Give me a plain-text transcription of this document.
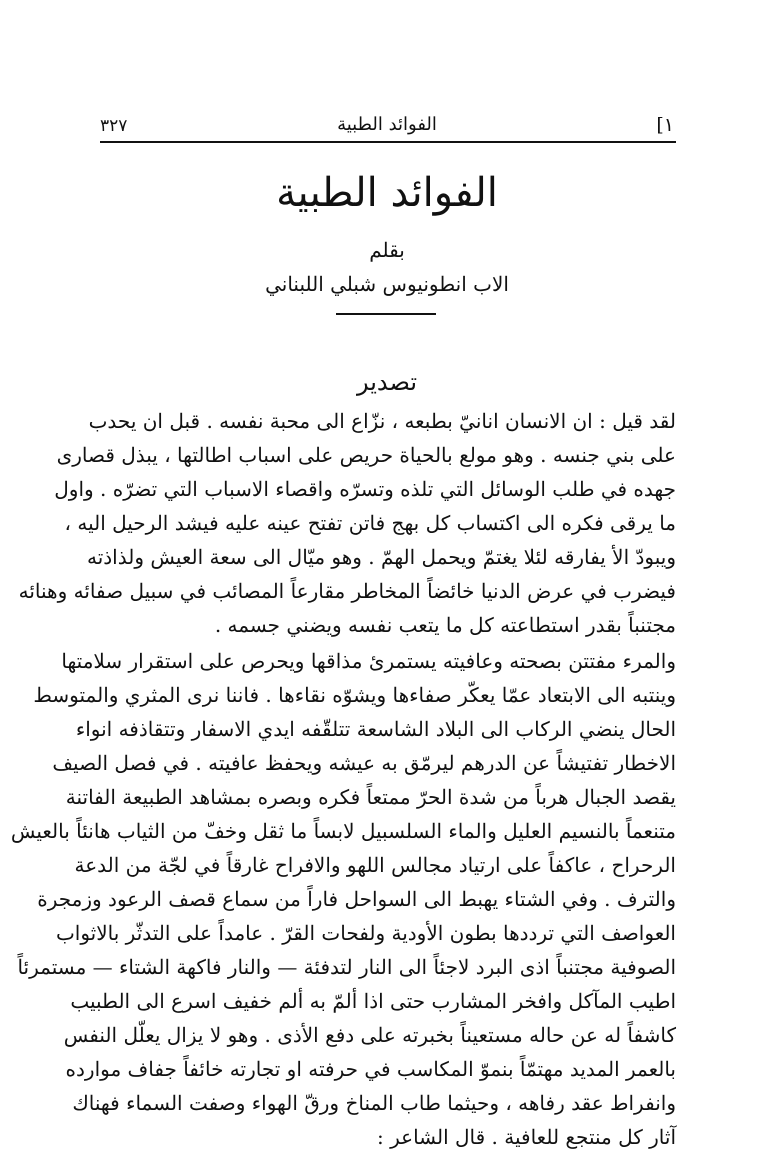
٣٢٧	الفوائد الطبية	[١
الفوائد الطبية
بقلم
الاب انطونيوس شبلي اللبناني
تصدير
لقد قيل : ان الانسان انانيّ بطبعه ، نزّاع الى محبة نفسه . قبل ان يحدب
على بني جنسه . وهو مولع بالحياة حريص على اسباب اطالتها ، يبذل قصارى
جهده في طلب الوسائل التي تلذه وتسرّه واقصاء الاسباب التي تضرّه . واول
ما يرقى فكره الى اكتساب كل بهج فاتن تفتح عينه عليه فيشد الرحيل اليه ،
ويبودّ الأ يفارقه لئلا يغتمّ ويحمل الهمّ . وهو ميّال الى سعة العيش ولذاذته
فيضرب في عرض الدنيا خائضاً المخاطر مقارعاً المصائب في سبيل صفائه وهنائه
مجتنباً بقدر استطاعته كل ما يتعب نفسه ويضني جسمه .
والمرء مفتتن بصحته وعافيته يستمرئ مذاقها ويحرص على استقرار سلامتها
وينتبه الى الابتعاد عمّا يعكّر صفاءها ويشوّه نقاءها . فاننا نرى المثري والمتوسط
الحال ينضي الركاب الى البلاد الشاسعة تتلقّفه ايدي الاسفار وتتقاذفه انواء
الاخطار تفتيشاً عن الدرهم ليرمّق به عيشه ويحفظ عافيته . في فصل الصيف
يقصد الجبال هرباً من شدة الحرّ ممتعاً فكره وبصره بمشاهد الطبيعة الفاتنة
متنعماً بالنسيم العليل والماء السلسبيل لابساً ما ثقل وخفّ من الثياب هانئاً بالعيش
الرحراح ، عاكفاً على ارتياد مجالس اللهو والافراح غارقاً في لجّة من الدعة
والترف . وفي الشتاء يهبط الى السواحل فاراً من سماع قصف الرعود وزمجرة
العواصف التي ترددها بطون الأودية ولفحات القرّ . عامداً على التدثّر بالاثواب
الصوفية مجتنباً اذى البرد لاجئاً الى النار لتدفئة — والنار فاكهة الشتاء — مستمرئاً
اطيب المآكل وافخر المشارب حتى اذا ألمّ به ألم خفيف اسرع الى الطبيب
كاشفاً له عن حاله مستعيناً بخبرته على دفع الأذى . وهو لا يزال يعلّل النفس
بالعمر المديد مهتمّاً بنموّ المكاسب في حرفته او تجارته خائفاً جفاف موارده
وانفراط عقد رفاهه ، وحيثما طاب المناخ ورقّ الهواء وصفت السماء فهناك
آثار كل منتجع للعافية . قال الشاعر :
